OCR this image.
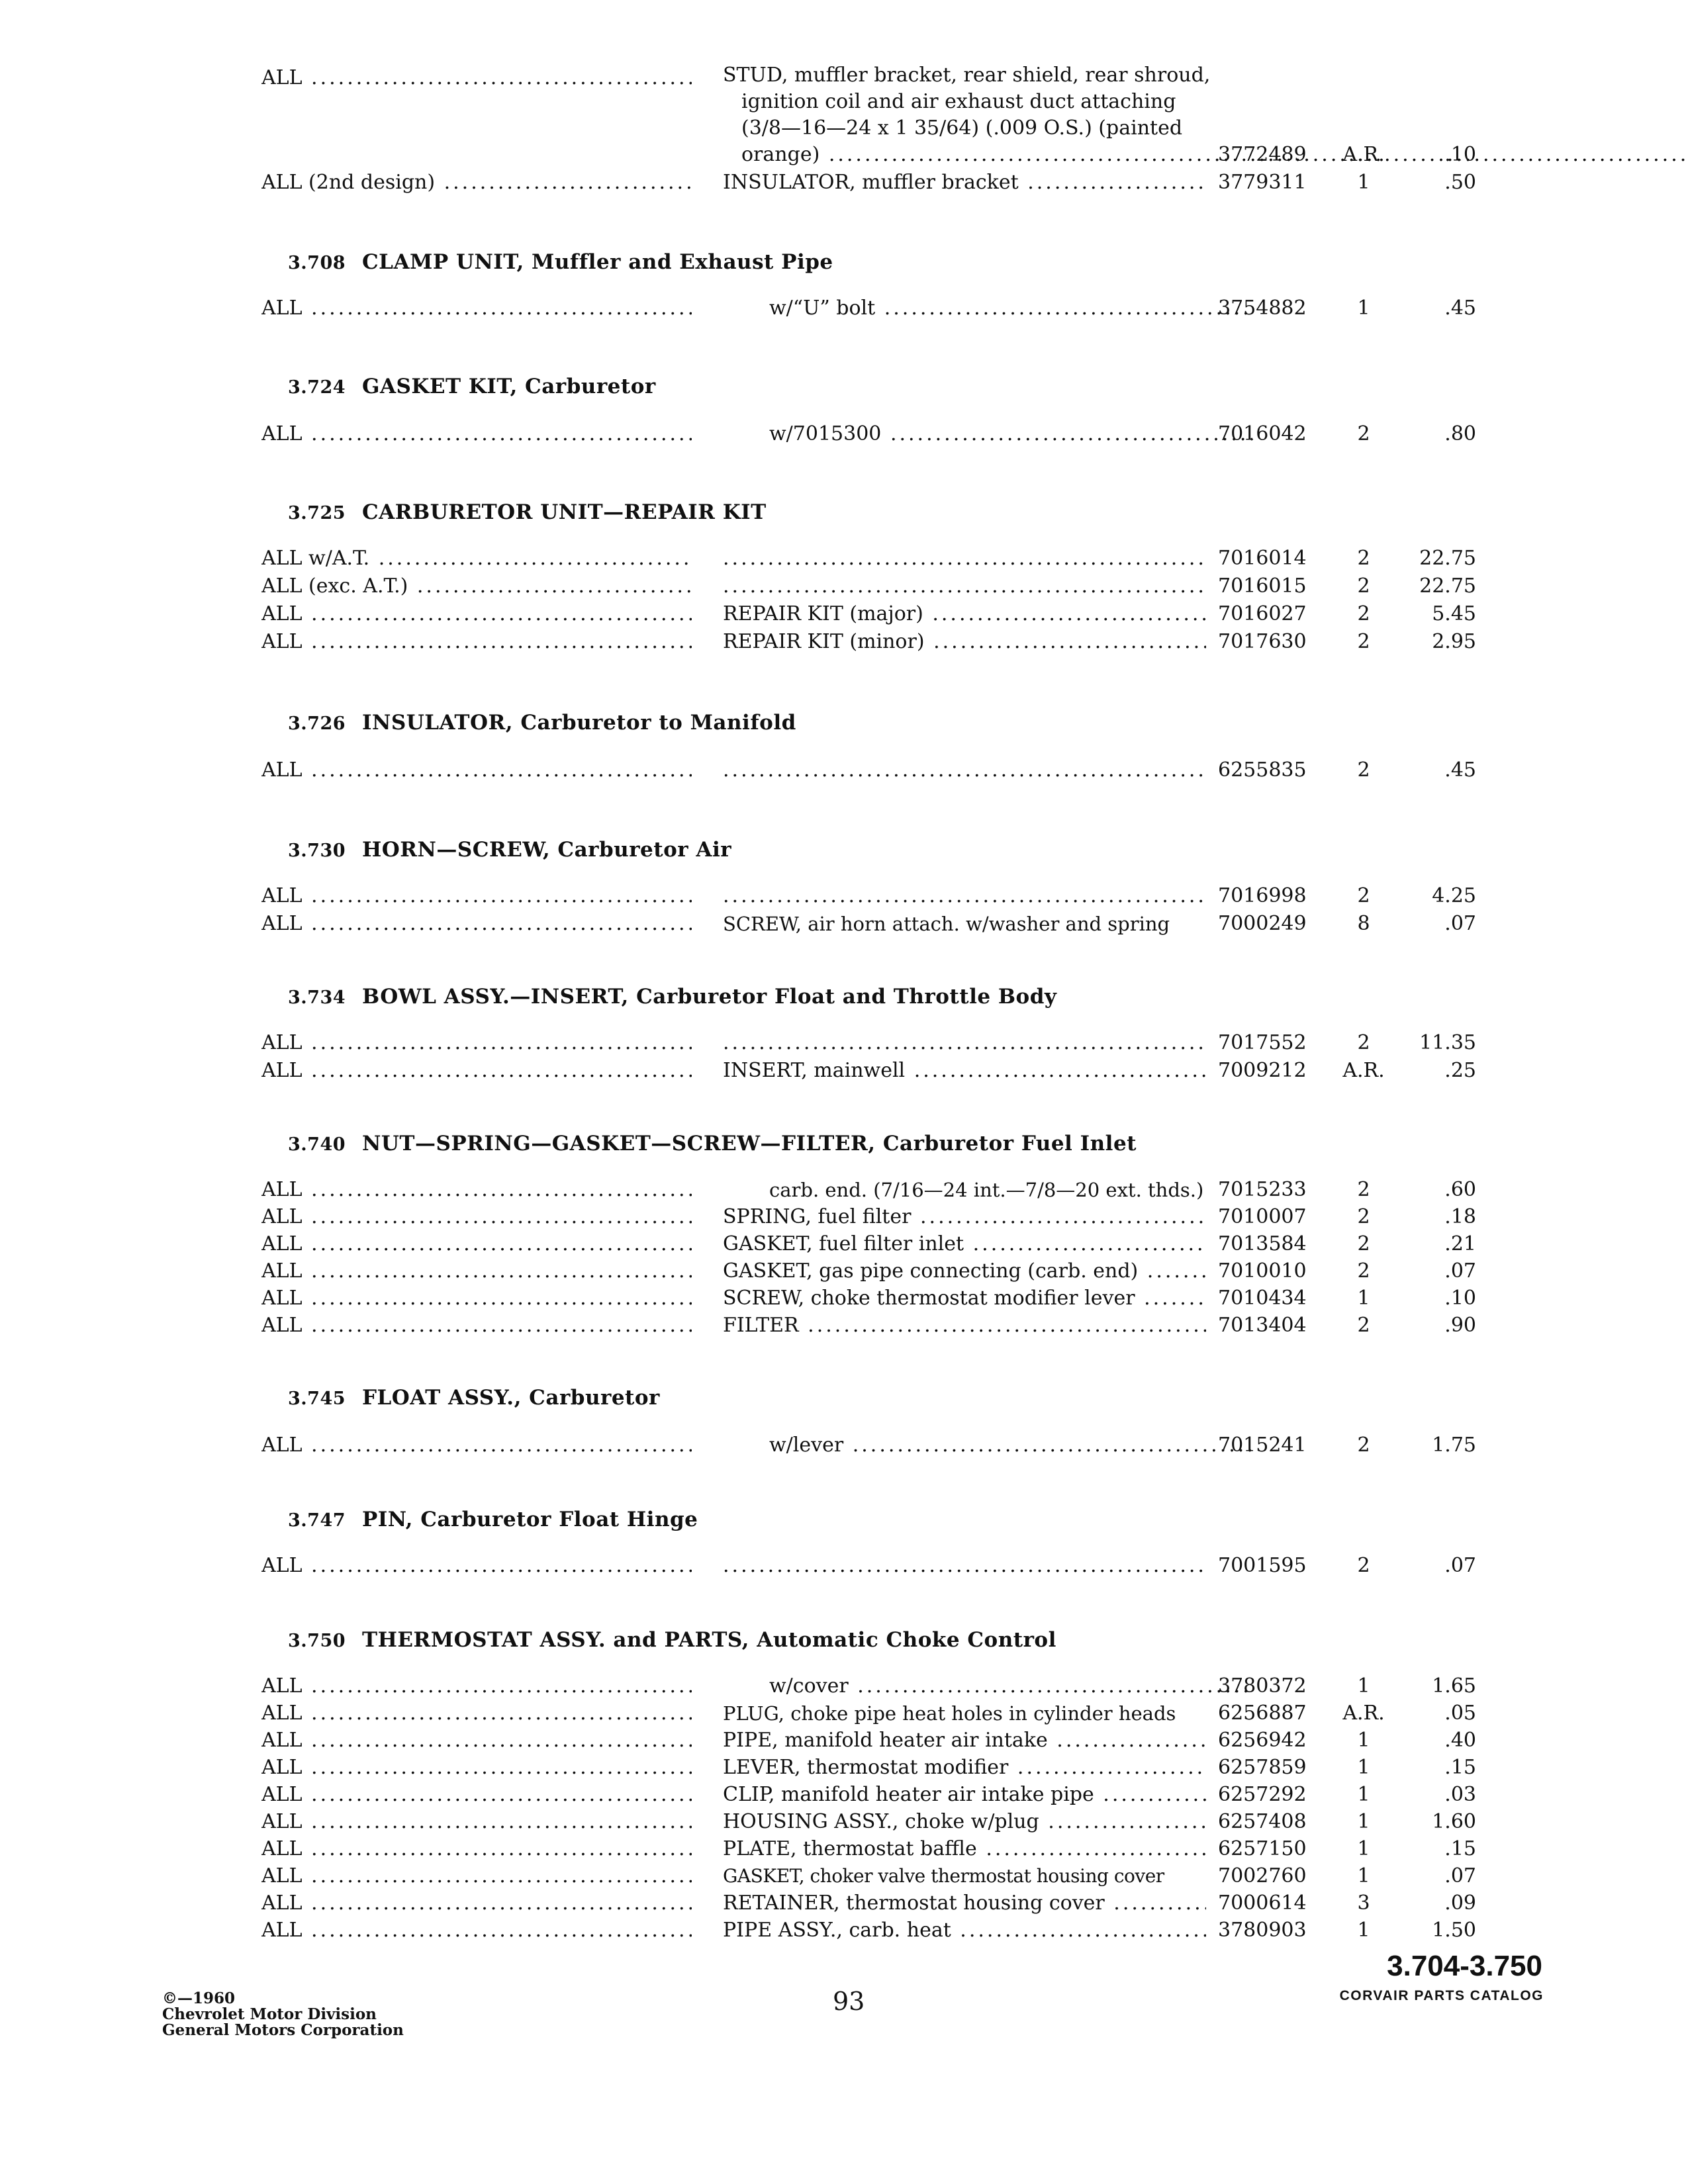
ALL .....	STUD, muffler bracket, rear shield, rear shroud,
ignition coil and air exhaust duct attaching
(3/8—16—24 x 1 35/64) (.009 O.S.) (painted
orange) .....	3772489	A.R.	.10
ALL (2nd design) .....	INSULATOR, muffler bracket .....	3779311	1	.50
3.708 CLAMP UNIT, Muffler and Exhaust Pipe
ALL .....	w/“U” bolt .....	3754882	1	.45
3.724 GASKET KIT, Carburetor
ALL .....	w/7015300 .....	7016042	2	.80
3.725 CARBURETOR UNIT—REPAIR KIT
ALL w/A.T. ..... .....	7016014	2	22.75
ALL (exc. A.T.) ..... .....	7016015	2	22.75
ALL .....	REPAIR KIT (major) .....	7016027	2	5.45
ALL .....	REPAIR KIT (minor) .....	7017630	2	2.95
3.726 INSULATOR, Carburetor to Manifold
ALL ..... .....	6255835	2	.45
3.730 HORN—SCREW, Carburetor Air
ALL ..... .....	7016998	2	4.25
ALL .....	SCREW, air horn attach. w/washer and spring	7000249	8	.07
3.734 BOWL ASSY.—INSERT, Carburetor Float and Throttle Body
ALL ..... .....	7017552	2	11.35
ALL .....	INSERT, mainwell .....	7009212	A.R.	.25
3.740 NUT—SPRING—GASKET—SCREW—FILTER, Carburetor Fuel Inlet
ALL .....	carb. end. (7/16—24 int.—7/8—20 ext. thds.) 7015233	2	.60
ALL .....	SPRING, fuel filter .....	7010007	2	.18
ALL .....	GASKET, fuel filter inlet .....	7013584	2	.21
ALL .....	GASKET, gas pipe connecting (carb. end) .....	7010010	2	.07
ALL .....	SCREW, choke thermostat modifier lever .....	7010434	1	.10
ALL .....	FILTER .....	7013404	2	.90
3.745 FLOAT ASSY., Carburetor
ALL .....	w/lever .....	7015241	2	1.75
3.747 PIN, Carburetor Float Hinge
ALL ..... .....	7001595	2	.07
3.750 THERMOSTAT ASSY. and PARTS, Automatic Choke Control
ALL .....	w/cover .....	3780372	1	1.65
ALL .....	PLUG, choke pipe heat holes in cylinder heads	6256887	A.R.	.05
ALL .....	PIPE, manifold heater air intake .....	6256942	1	.40
ALL .....	LEVER, thermostat modifier .....	6257859	1	.15
ALL .....	CLIP, manifold heater air intake pipe .....	6257292	1	.03
ALL .....	HOUSING ASSY., choke w/plug .....	6257408	1	1.60
ALL .....	PLATE, thermostat baffle .....	6257150	1	.15
ALL .....	GASKET, choker valve thermostat housing cover	7002760	1	.07
ALL .....	RETAINER, thermostat housing cover .....	7000614	3	.09
ALL .....	PIPE ASSY., carb. heat .....	3780903	1	1.50
©—1960
Chevrolet Motor Division
General Motors Corporation
93
3.704-3.750
CORVAIR PARTS CATALOG
